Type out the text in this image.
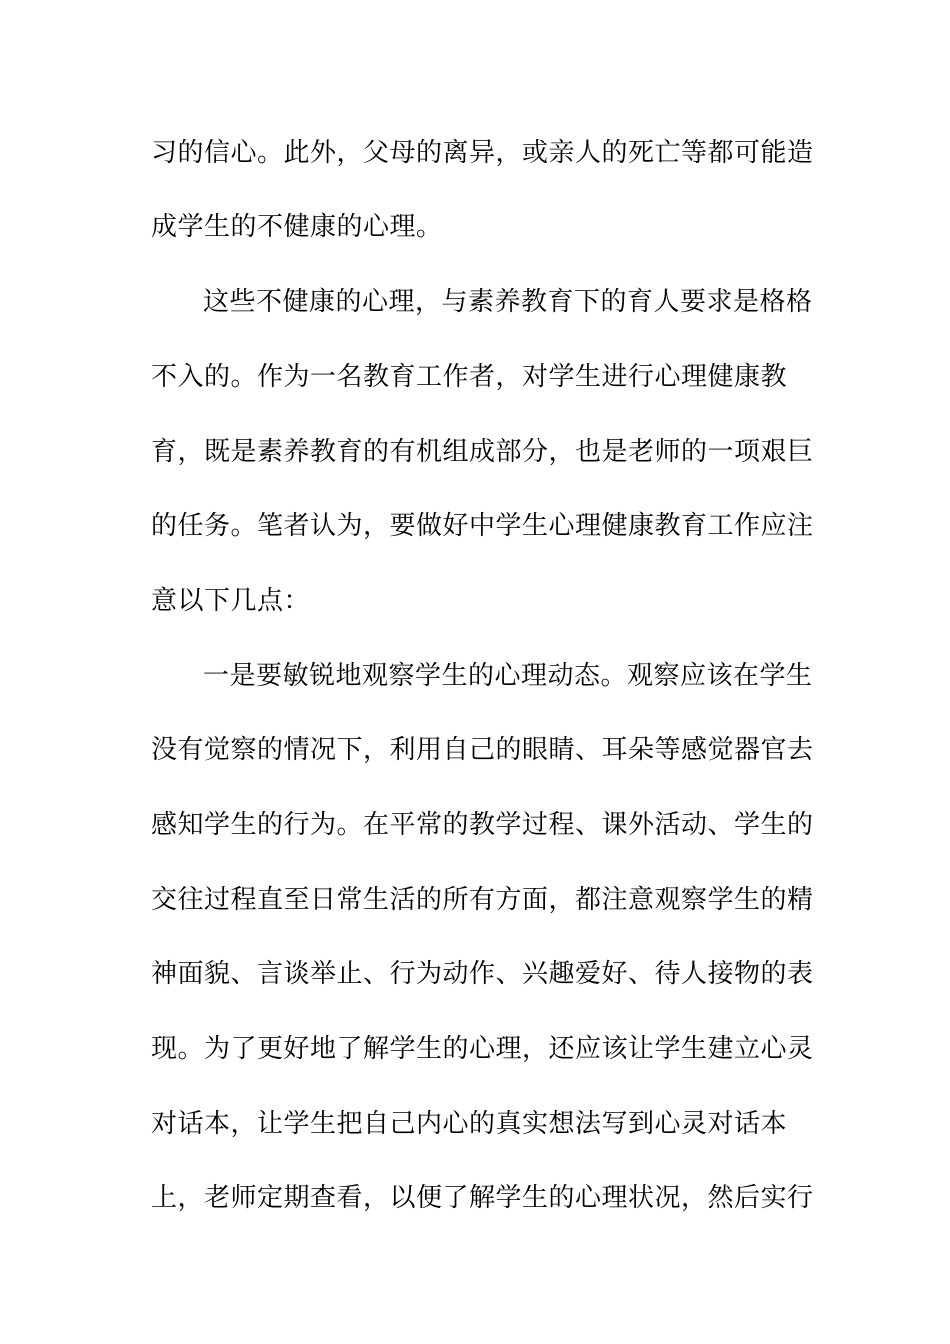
习的信心。此外，父母的离异，或亲人的死亡等都可能造
成学生的不健康的心理。
这些不健康的心理，与素养教育下的育人要求是格格
不入的。作为一名教育工作者，对学生进行心理健康教
育，既是素养教育的有机组成部分，也是老师的一项艰巨
的任务。笔者认为，要做好中学生心理健康教育工作应注
意以下几点：
一是要敏锐地观察学生的心理动态。观察应该在学生
没有觉察的情况下，利用自己的眼睛、耳朵等感觉器官去
感知学生的行为。在平常的教学过程、课外活动、学生的
交往过程直至日常生活的所有方面，都注意观察学生的精
神面貌、言谈举止、行为动作、兴趣爱好、待人接物的表
现。为了更好地了解学生的心理，还应该让学生建立心灵
对话本，让学生把自己内心的真实想法写到心灵对话本
上，老师定期查看，以便了解学生的心理状况，然后实行
